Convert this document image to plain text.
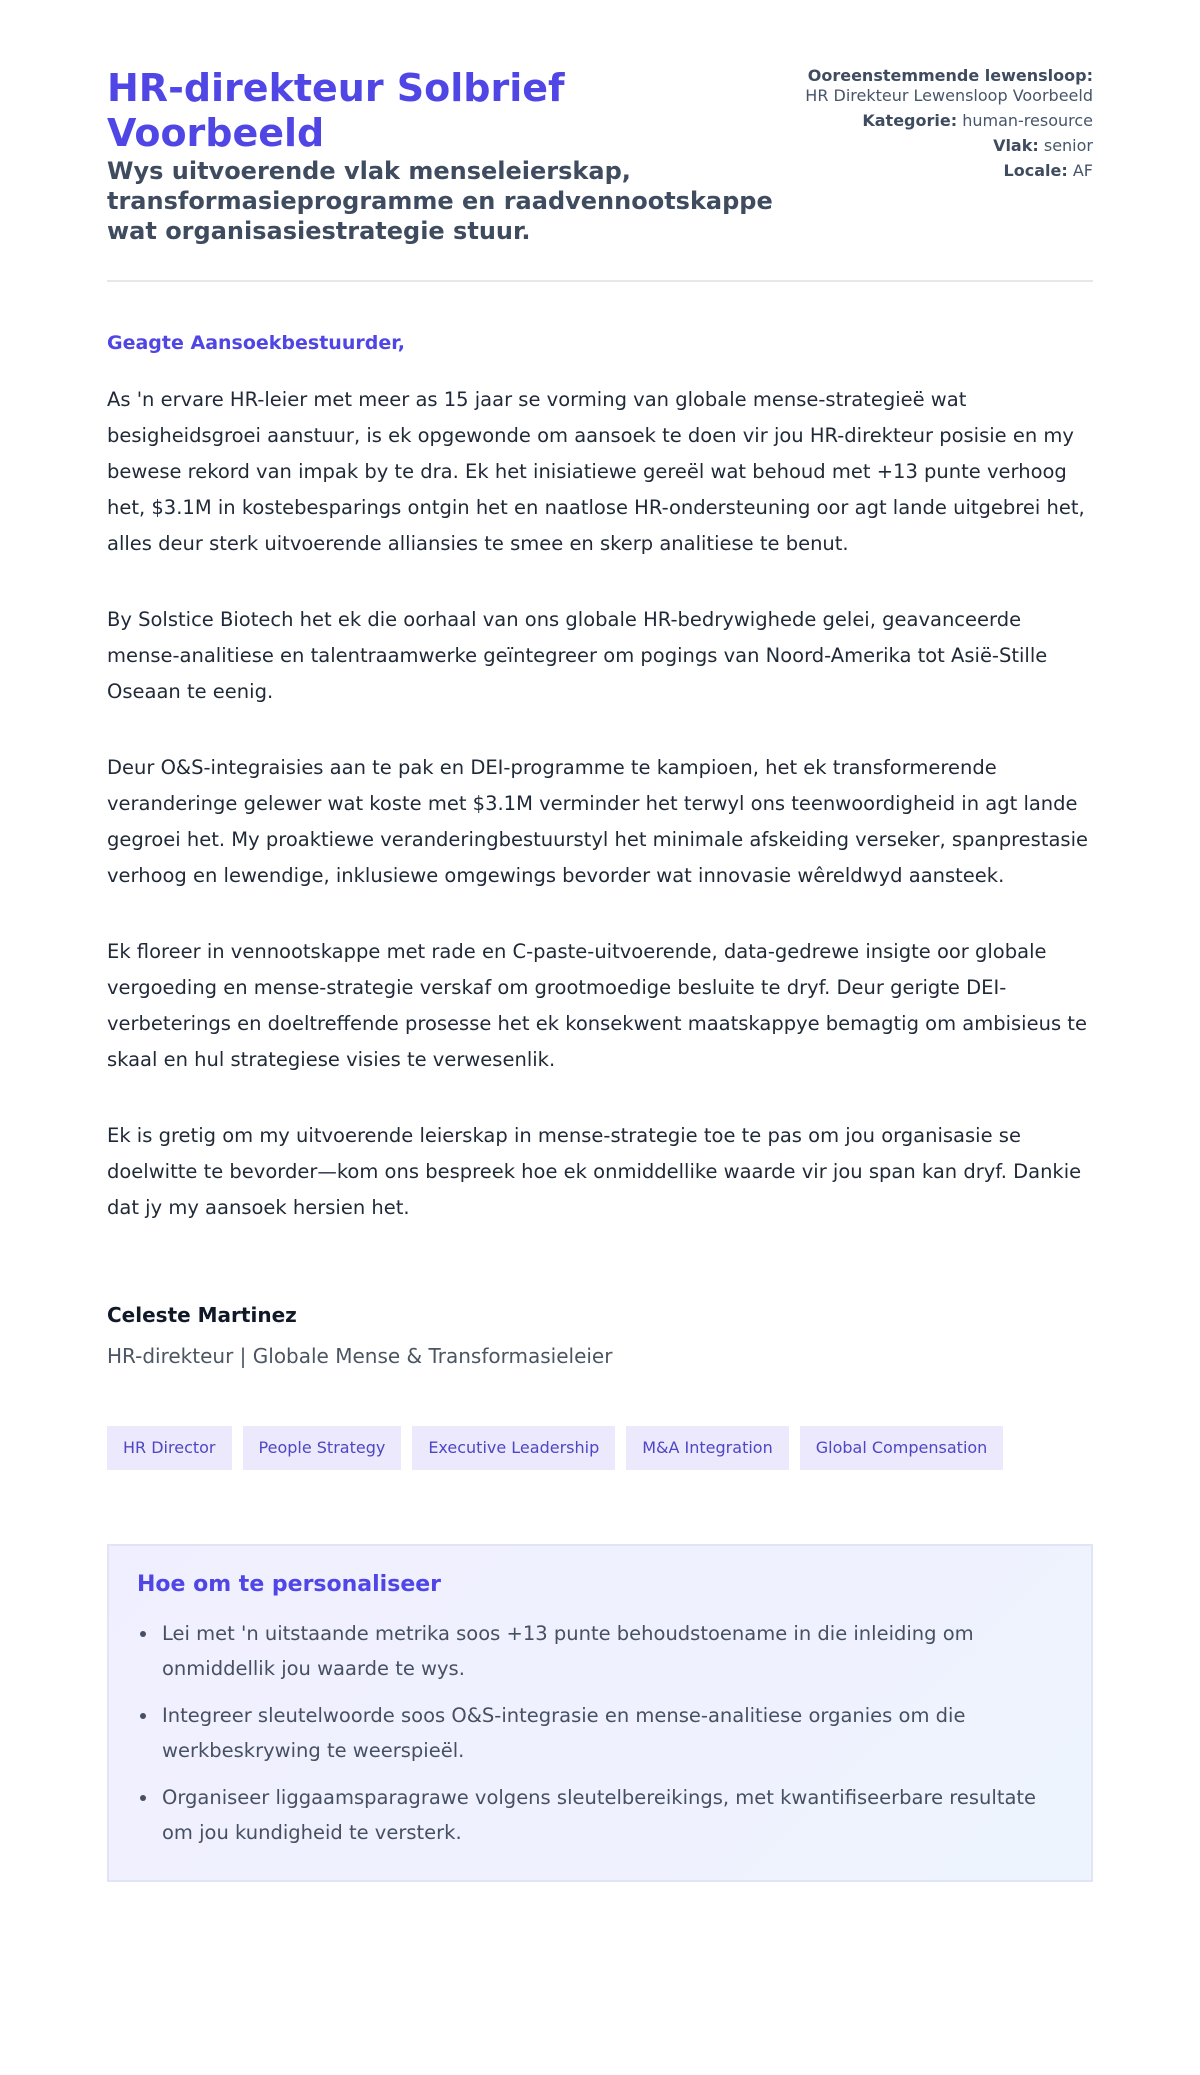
HR-direkteur Solbrief Voorbeeld
Wys uitvoerende vlak menseleierskap, transformasieprogramme en raadvennootskappe wat organisasiestrategie stuur.
Ooreenstemmende lewensloop: HR Direkteur Lewensloop Voorbeeld
Kategorie: human-resource
Vlak: senior
Locale: AF

Geagte Aansoekbestuurder,

As 'n ervare HR-leier met meer as 15 jaar se vorming van globale mense-strategieë wat besigheidsgroei aanstuur, is ek opgewonde om aansoek te doen vir jou HR-direkteur posisie en my bewese rekord van impak by te dra. Ek het inisiatiewe gereël wat behoud met +13 punte verhoog het, $3.1M in kostebesparings ontgin het en naatlose HR-ondersteuning oor agt lande uitgebrei het, alles deur sterk uitvoerende alliansies te smee en skerp analitiese te benut.

By Solstice Biotech het ek die oorhaal van ons globale HR-bedrywighede gelei, geavanceerde mense-analitiese en talentraamwerke geïntegreer om pogings van Noord-Amerika tot Asië-Stille Oseaan te eenig.

Deur O&S-integraisies aan te pak en DEI-programme te kampioen, het ek transformerende veranderinge gelewer wat koste met $3.1M verminder het terwyl ons teenwoordigheid in agt lande gegroei het. My proaktiewe veranderingbestuurstyl het minimale afskeiding verseker, spanprestasie verhoog en lewendige, inklusiewe omgewings bevorder wat innovasie wêreldwyd aansteek.

Ek floreer in vennootskappe met rade en C-paste-uitvoerende, data-gedrewe insigte oor globale vergoeding en mense-strategie verskaf om grootmoedige besluite te dryf. Deur gerigte DEI-verbeterings en doeltreffende prosesse het ek konsekwent maatskappye bemagtig om ambisieus te skaal en hul strategiese visies te verwesenlik.

Ek is gretig om my uitvoerende leierskap in mense-strategie toe te pas om jou organisasie se doelwitte te bevorder—kom ons bespreek hoe ek onmiddellike waarde vir jou span kan dryf. Dankie dat jy my aansoek hersien het.

Celeste Martinez
HR-direkteur | Globale Mense & Transformasieleier
HR Director	People Strategy	Executive Leadership	M&A Integration	Global Compensation
Hoe om te personaliseer
Lei met 'n uitstaande metrika soos +13 punte behoudstoename in die inleiding om onmiddellik jou waarde te wys.
Integreer sleutelwoorde soos O&S-integrasie en mense-analitiese organies om die werkbeskrywing te weerspieël.
Organiseer liggaamsparagrawe volgens sleutelbereikings, met kwantifiseerbare resultate om jou kundigheid te versterk.
